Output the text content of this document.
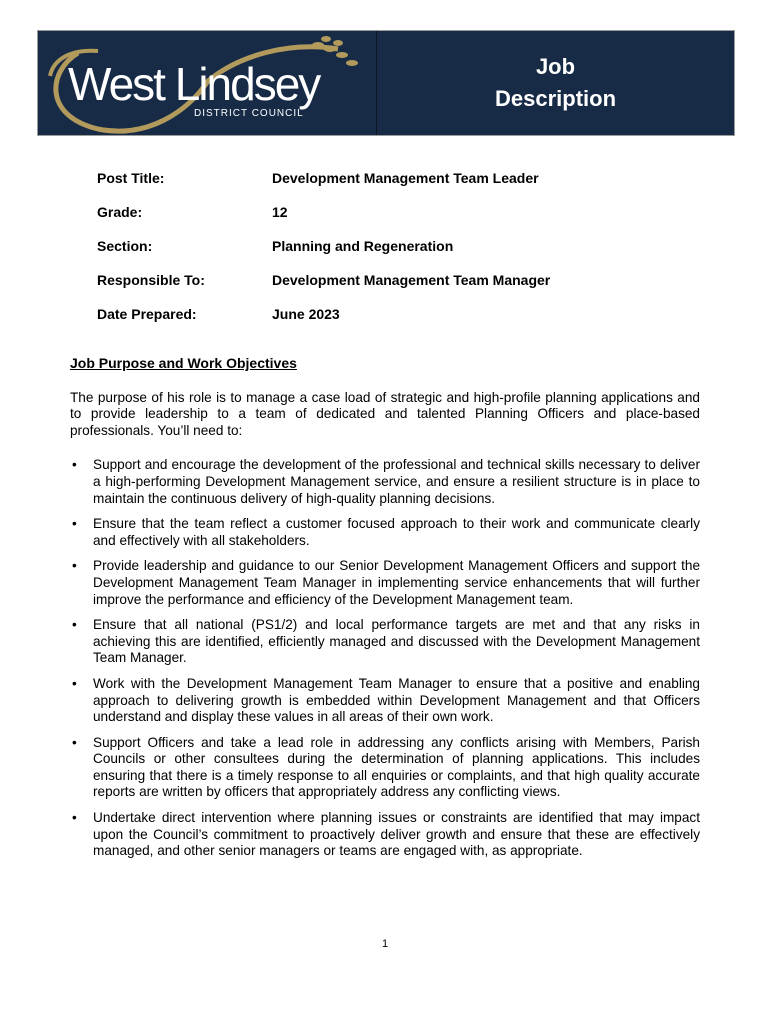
West Lindsey
DISTRICT COUNCIL
Job
Description
Post Title:	Development Management Team Leader
Grade:	12
Section:	Planning and Regeneration
Responsible To:	Development Management Team Manager
Date Prepared:	June 2023
Job Purpose and Work Objectives

The purpose of his role is to manage a case load of strategic and high-profile planning applications and to provide leadership to a team of dedicated and talented Planning Officers and place-based professionals. You’ll need to:

• Support and encourage the development of the professional and technical skills necessary to deliver a high-performing Development Management service, and ensure a resilient structure is in place to maintain the continuous delivery of high-quality planning decisions.
• Ensure that the team reflect a customer focused approach to their work and communicate clearly and effectively with all stakeholders.
• Provide leadership and guidance to our Senior Development Management Officers and support the Development Management Team Manager in implementing service enhancements that will further improve the performance and efficiency of the Development Management team.
• Ensure that all national (PS1/2) and local performance targets are met and that any risks in achieving this are identified, efficiently managed and discussed with the Development Management Team Manager.
• Work with the Development Management Team Manager to ensure that a positive and enabling approach to delivering growth is embedded within Development Management and that Officers understand and display these values in all areas of their own work.
• Support Officers and take a lead role in addressing any conflicts arising with Members, Parish Councils or other consultees during the determination of planning applications. This includes ensuring that there is a timely response to all enquiries or complaints, and that high quality accurate reports are written by officers that appropriately address any conflicting views.
• Undertake direct intervention where planning issues or constraints are identified that may impact upon the Council’s commitment to proactively deliver growth and ensure that these are effectively managed, and other senior managers or teams are engaged with, as appropriate.
1
